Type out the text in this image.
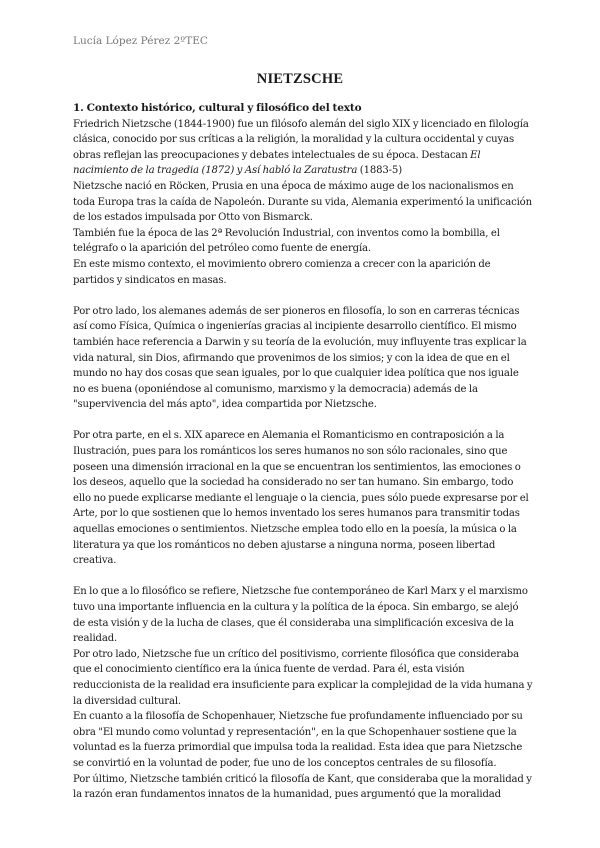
Lucía López Pérez 2ºTEC
NIETZSCHE
1. Contexto histórico, cultural y filosófico del texto

Friedrich Nietzsche (1844-1900) fue un filósofo alemán del siglo XIX y licenciado en filología clásica, conocido por sus críticas a la religión, la moralidad y la cultura occidental y cuyas obras reflejan las preocupaciones y debates intelectuales de su época. Destacan El nacimiento de la tragedia (1872) y Así habló la Zaratustra (1883-5)

Nietzsche nació en Röcken, Prusia en una época de máximo auge de los nacionalismos en toda Europa tras la caída de Napoleón. Durante su vida, Alemania experimentó la unificación de los estados impulsada por Otto von Bismarck.

También fue la época de las 2ª Revolución Industrial, con inventos como la bombilla, el telégrafo o la aparición del petróleo como fuente de energía.

En este mismo contexto, el movimiento obrero comienza a crecer con la aparición de partidos y sindicatos en masas.

Por otro lado, los alemanes además de ser pioneros en filosofía, lo son en carreras técnicas así como Física, Química o ingenierías gracias al incipiente desarrollo científico. El mismo también hace referencia a Darwin y su teoría de la evolución, muy influyente tras explicar la vida natural, sin Dios, afirmando que provenimos de los simios; y con la idea de que en el mundo no hay dos cosas que sean iguales, por lo que cualquier idea política que nos iguale no es buena (oponiéndose al comunismo, marxismo y la democracia) además de la "supervivencia del más apto", idea compartida por Nietzsche.

Por otra parte, en el s. XIX aparece en Alemania el Romanticismo en contraposición a la Ilustración, pues para los románticos los seres humanos no son sólo racionales, sino que poseen una dimensión irracional en la que se encuentran los sentimientos, las emociones o los deseos, aquello que la sociedad ha considerado no ser tan humano. Sin embargo, todo ello no puede explicarse mediante el lenguaje o la ciencia, pues sólo puede expresarse por el Arte, por lo que sostienen que lo hemos inventado los seres humanos para transmitir todas aquellas emociones o sentimientos. Nietzsche emplea todo ello en la poesía, la música o la literatura ya que los románticos no deben ajustarse a ninguna norma, poseen libertad creativa.

En lo que a lo filosófico se refiere, Nietzsche fue contemporáneo de Karl Marx y el marxismo tuvo una importante influencia en la cultura y la política de la época. Sin embargo, se alejó de esta visión y de la lucha de clases, que él consideraba una simplificación excesiva de la realidad.

Por otro lado, Nietzsche fue un crítico del positivismo, corriente filosófica que consideraba que el conocimiento científico era la única fuente de verdad. Para él, esta visión reduccionista de la realidad era insuficiente para explicar la complejidad de la vida humana y la diversidad cultural.

En cuanto a la filosofía de Schopenhauer, Nietzsche fue profundamente influenciado por su obra "El mundo como voluntad y representación", en la que Schopenhauer sostiene que la voluntad es la fuerza primordial que impulsa toda la realidad. Esta idea que para Nietzsche se convirtió en la voluntad de poder, fue uno de los conceptos centrales de su filosofía.

Por último, Nietzsche también criticó la filosofía de Kant, que consideraba que la moralidad y la razón eran fundamentos innatos de la humanidad, pues argumentó que la moralidad
